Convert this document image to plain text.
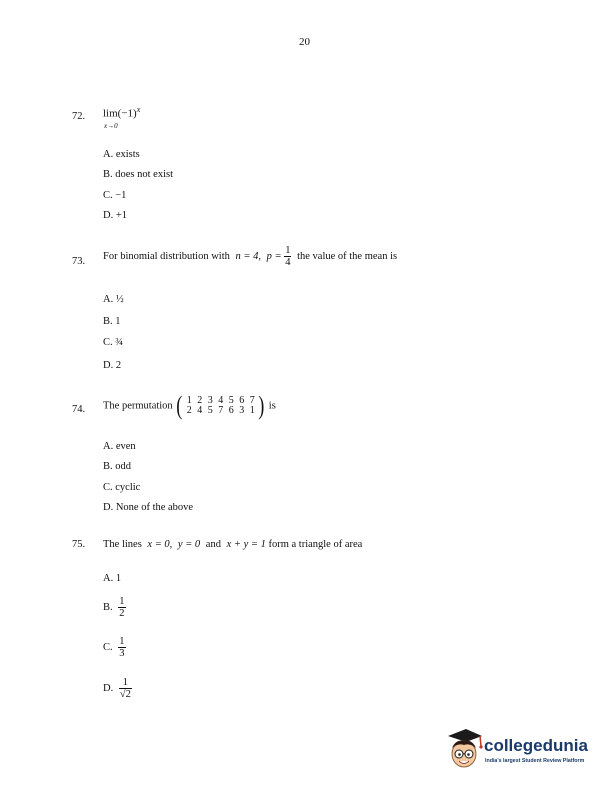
20
72. $\lim(-1)^x$
x→0
A. exists
B. does not exist
C. −1
D. +1
73. For binomial distribution with n = 4, $p = \frac{1}{4}$ the value of the mean is
A. ½
B. 1
C. ¾
D. 2
74. The permutation ( 1 2 3 4 5 6 7
2 4 5 7 6 3 1 ) is
A. even
B. odd
C. cyclic
D. None of the above
75. The lines x = 0, y = 0 and x + y = 1 form a triangle of area
A. 1
B. $\frac{1}{2}$
C. $\frac{1}{3}$
D. $\frac{1}{√2}$
collegedunia
India's largest Student Review Platform
